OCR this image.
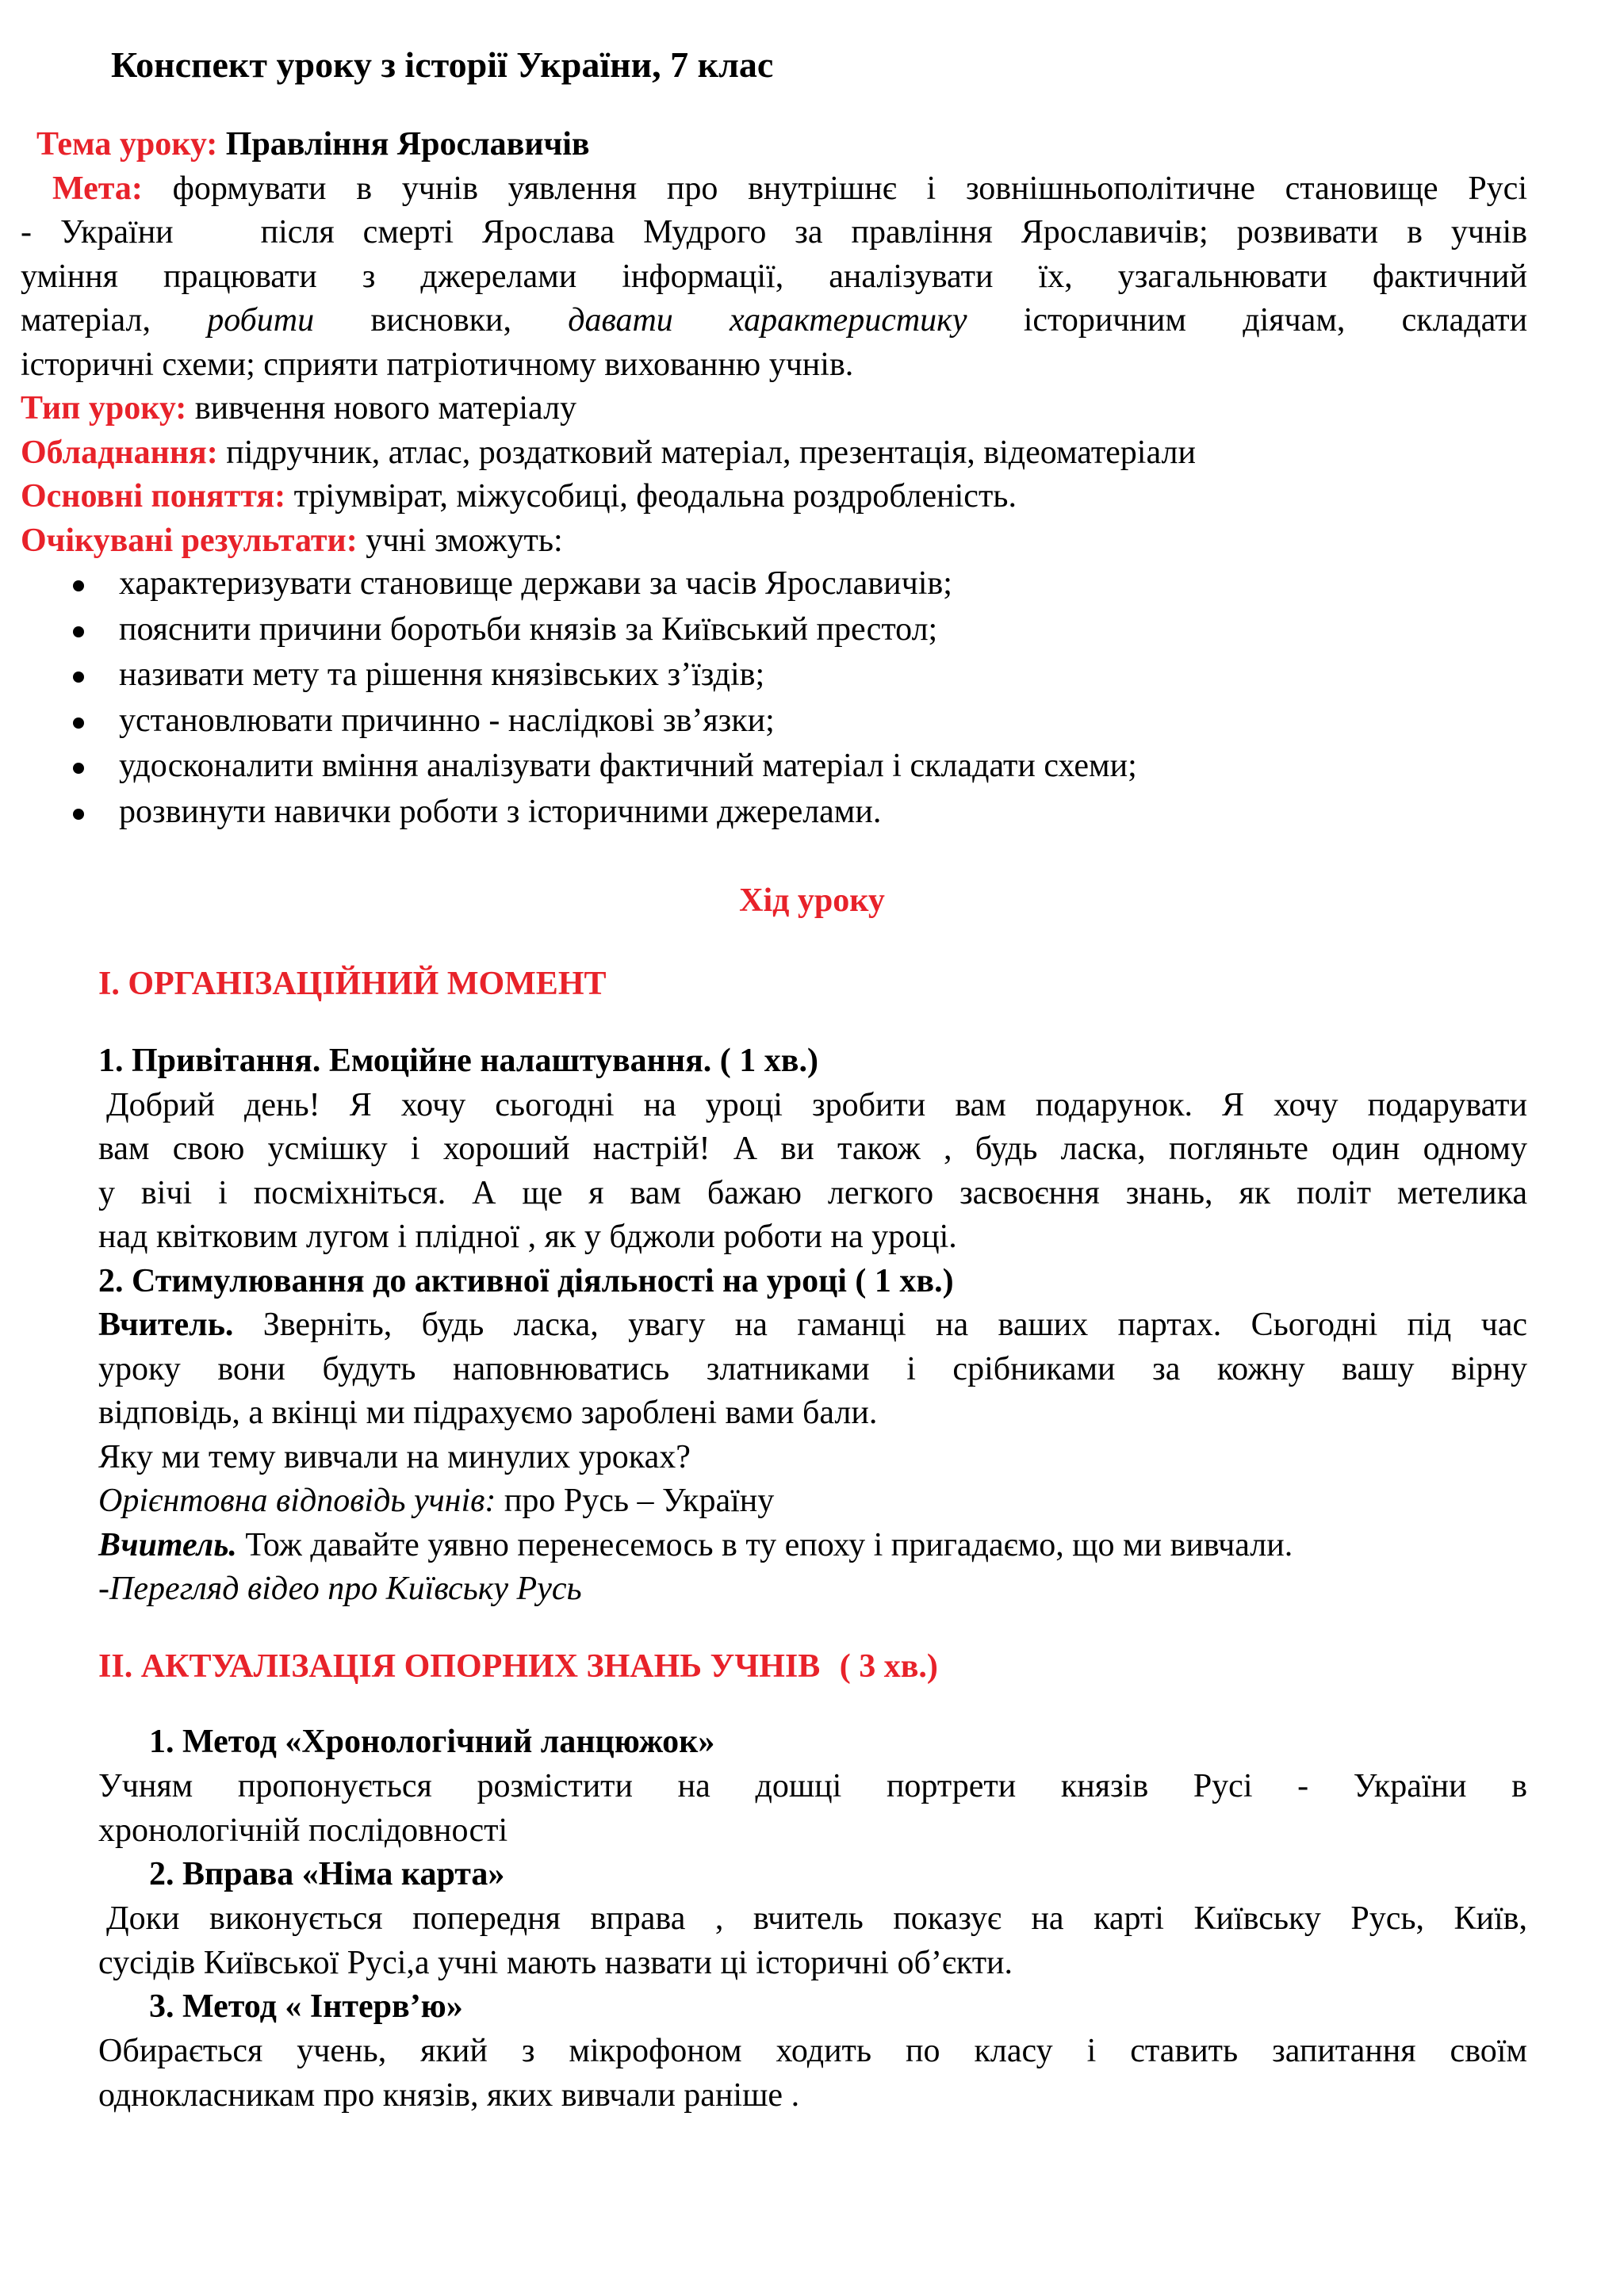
Конспект уроку з історії України, 7 клас

Тема уроку: Правління Ярославичів

Мета: формувати в учнів уявлення про внутрішнє і зовнішньополітичне становище Русі

- України	після смерті Ярослава Мудрого за правління Ярославичів; розвивати в учнів

уміння працювати з джерелами інформації, аналізувати їх, узагальнювати фактичний

матеріал, робити висновки, давати характеристику історичним діячам, складати

історичні схеми; сприяти патріотичному вихованню учнів.

Тип уроку: вивчення нового матеріалу

Обладнання: підручник, атлас, роздатковий матеріал, презентація, відеоматеріали

Основні поняття: тріумвірат, міжусобиці, феодальна роздробленість.

Очікувані результати: учні зможуть:

характеризувати становище держави за часів Ярославичів;
пояснити причини боротьби князів за Київський престол;
називати мету та рішення князівських з’їздів;
установлювати причинно - наслідкові зв’язки;
удосконалити вміння аналізувати фактичний матеріал і складати схеми;
розвинути навички роботи з історичними джерелами.
Хід уроку
I. ОРГАНІЗАЦІЙНИЙ МОМЕНТ

1. Привітання. Емоційне налаштування. ( 1 хв.)

Добрий день! Я хочу сьогодні на уроці зробити вам подарунок. Я хочу подарувати

вам свою усмішку і хороший настрій! А ви також , будь ласка, погляньте один одному

у вічі і посміхніться. А ще я вам бажаю легкого засвоєння знань, як політ метелика

над квітковим лугом і плідної , як у бджоли роботи на уроці.

2. Стимулювання до активної діяльності на уроці ( 1 хв.)

Вчитель. Зверніть, будь ласка, увагу на гаманці на ваших партах. Сьогодні під час

уроку вони будуть наповнюватись златниками і срібниками за кожну вашу вірну

відповідь, а вкінці ми підрахуємо зароблені вами бали.

Яку ми тему вивчали на минулих уроках?

Орієнтовна відповідь учнів: про Русь – Україну

Вчитель. Тож давайте уявно перенесемось в ту епоху і пригадаємо, що ми вивчали.

-Перегляд відео про Київську Русь

II. АКТУАЛІЗАЦІЯ ОПОРНИХ ЗНАНЬ УЧНІВ ( 3 хв.)
1. Метод «Хронологічний ланцюжок»

Учням пропонується розмістити на дошці портрети князів Русі - України в

хронологічній послідовності

2. Вправа «Німа карта»

Доки виконується попередня вправа , вчитель показує на карті Київську Русь, Київ,

сусідів Київської Русі,а учні мають назвати ці історичні об’єкти.

3. Метод « Інтерв’ю»

Обирається учень, який з мікрофоном ходить по класу і ставить запитання своїм

однокласникам про князів, яких вивчали раніше .
